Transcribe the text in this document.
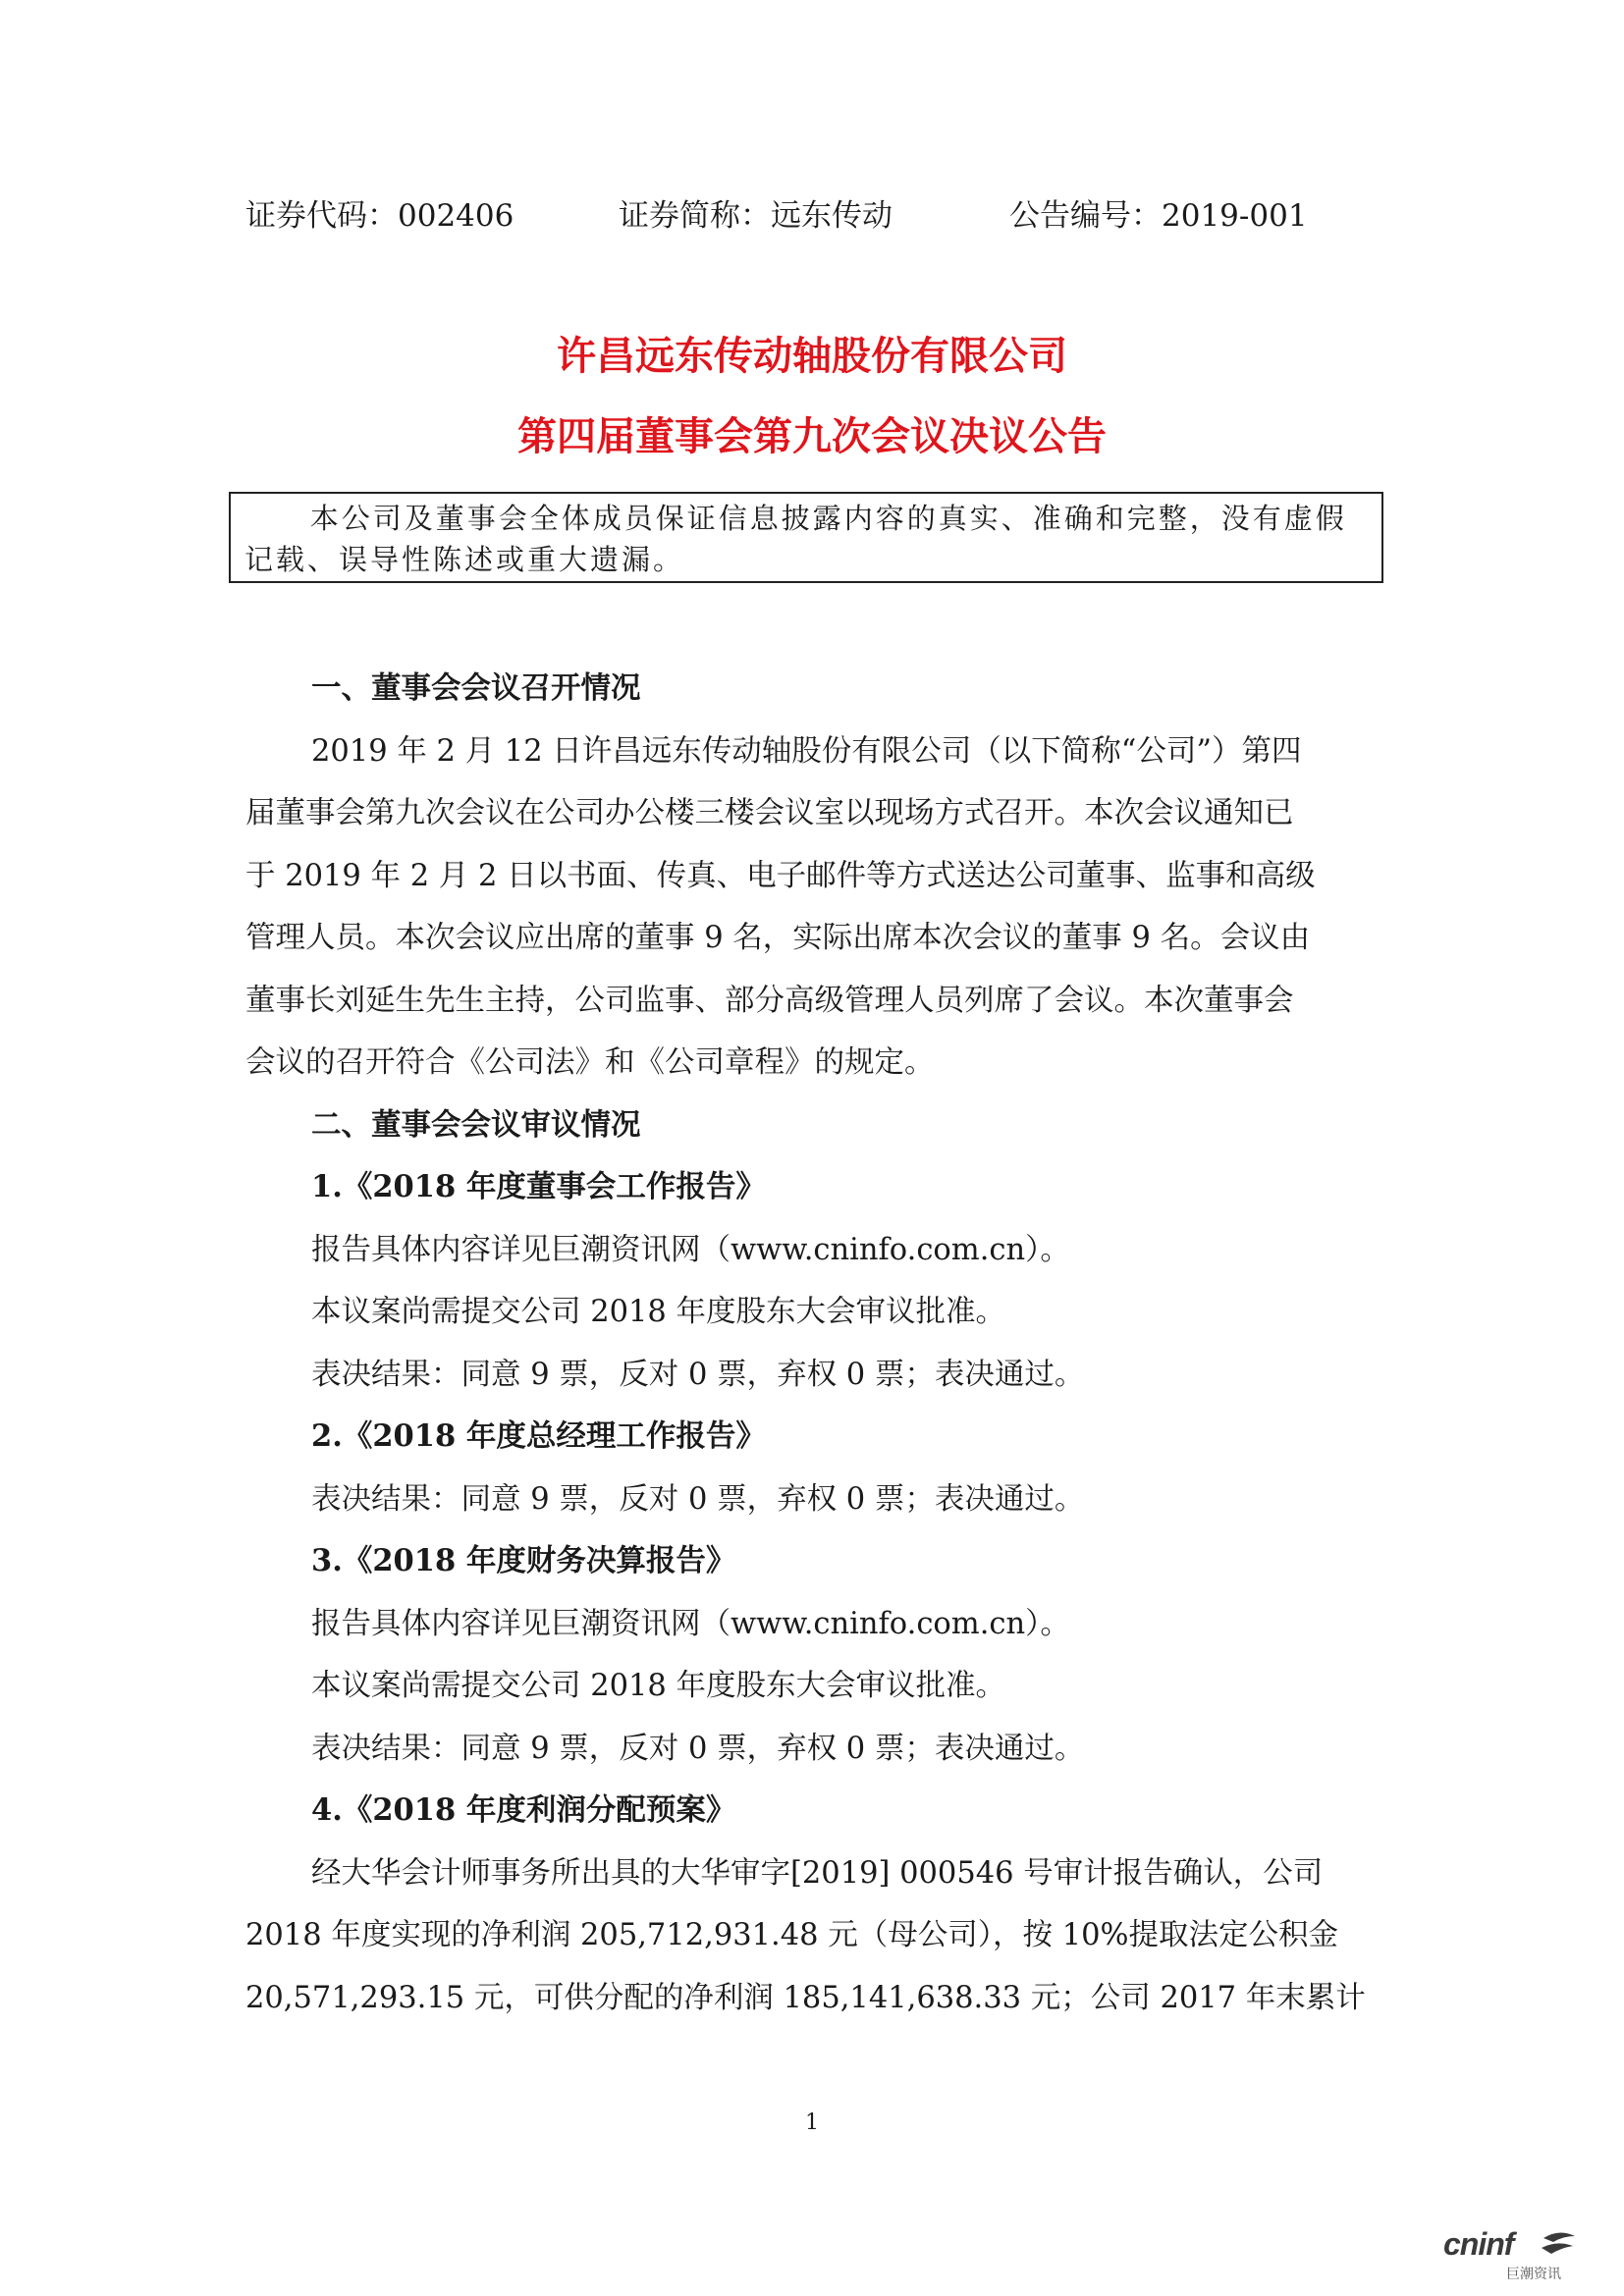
证券代码：002406	证券简称：远东传动	公告编号：2019-001
许昌远东传动轴股份有限公司
第四届董事会第九次会议决议公告

本公司及董事会全体成员保证信息披露内容的真实、准确和完整，没有虚假

记载、误导性陈述或重大遗漏。

一、董事会会议召开情况

2019 年 2 月 12 日许昌远东传动轴股份有限公司（以下简称“公司”）第四

届董事会第九次会议在公司办公楼三楼会议室以现场方式召开。本次会议通知已

于 2019 年 2 月 2 日以书面、传真、电子邮件等方式送达公司董事、监事和高级

管理人员。本次会议应出席的董事 9 名，实际出席本次会议的董事 9 名。会议由

董事长刘延生先生主持，公司监事、部分高级管理人员列席了会议。本次董事会

会议的召开符合《公司法》和《公司章程》的规定。

二、董事会会议审议情况

1.《2018 年度董事会工作报告》

报告具体内容详见巨潮资讯网（www.cninfo.com.cn）。

本议案尚需提交公司 2018 年度股东大会审议批准。

表决结果：同意 9 票，反对 0 票，弃权 0 票；表决通过。

2.《2018 年度总经理工作报告》

表决结果：同意 9 票，反对 0 票，弃权 0 票；表决通过。

3.《2018 年度财务决算报告》

报告具体内容详见巨潮资讯网（www.cninfo.com.cn）。

本议案尚需提交公司 2018 年度股东大会审议批准。

表决结果：同意 9 票，反对 0 票，弃权 0 票；表决通过。

4.《2018 年度利润分配预案》

经大华会计师事务所出具的大华审字[2019] 000546 号审计报告确认，公司

2018 年度实现的净利润 205,712,931.48 元（母公司），按 10%提取法定公积金

20,571,293.15 元，可供分配的净利润 185,141,638.33 元；公司 2017 年末累计

1
cninf
巨潮资讯
